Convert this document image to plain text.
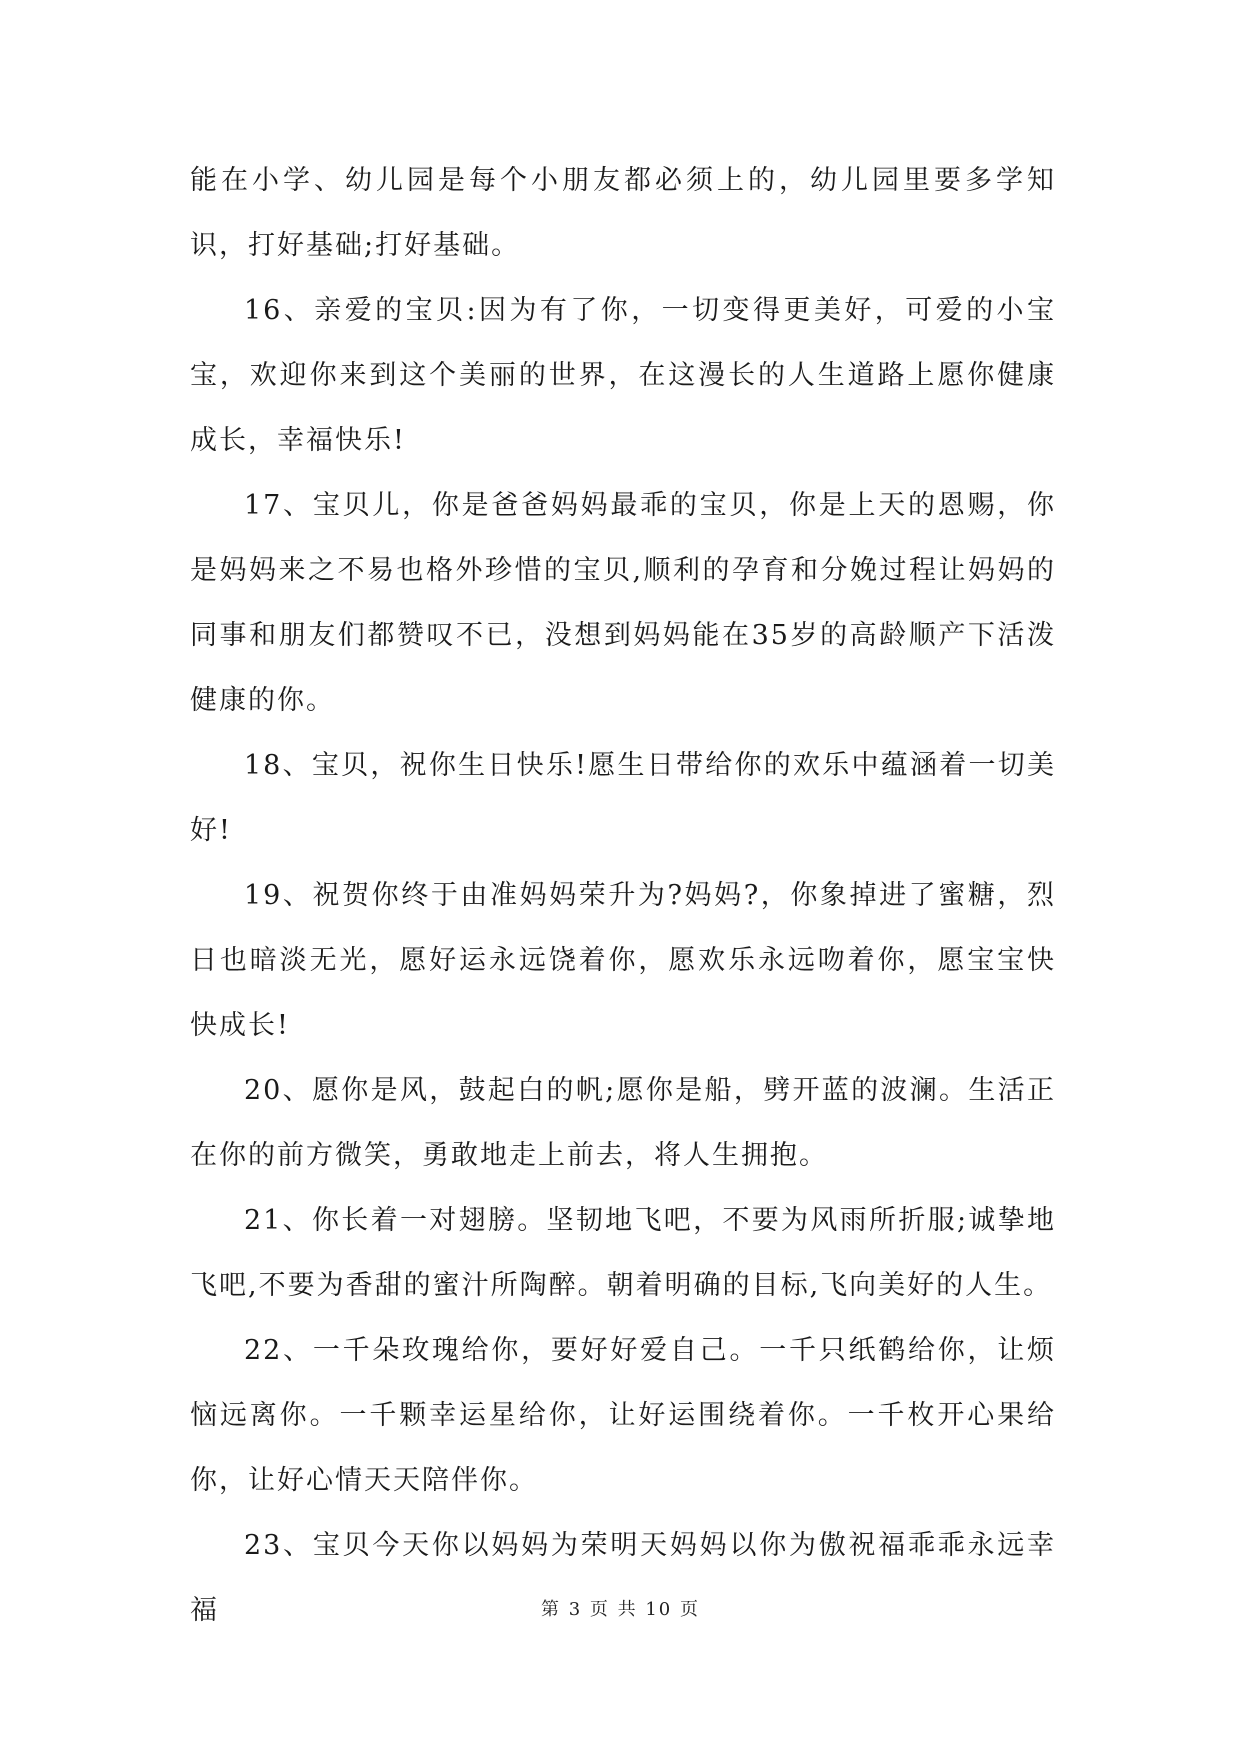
能在小学、幼儿园是每个小朋友都必须上的，幼儿园里要多学知识，打好基础;打好基础。

16、亲爱的宝贝:因为有了你，一切变得更美好，可爱的小宝宝，欢迎你来到这个美丽的世界，在这漫长的人生道路上愿你健康成长，幸福快乐!

17、宝贝儿，你是爸爸妈妈最乖的宝贝，你是上天的恩赐，你是妈妈来之不易也格外珍惜的宝贝,顺利的孕育和分娩过程让妈妈的同事和朋友们都赞叹不已，没想到妈妈能在35岁的高龄顺产下活泼健康的你。

18、宝贝，祝你生日快乐!愿生日带给你的欢乐中蕴涵着一切美好!

19、祝贺你终于由准妈妈荣升为?妈妈?，你象掉进了蜜糖，烈日也暗淡无光，愿好运永远饶着你，愿欢乐永远吻着你，愿宝宝快快成长!

20、愿你是风，鼓起白的帆;愿你是船，劈开蓝的波澜。生活正在你的前方微笑，勇敢地走上前去，将人生拥抱。

21、你长着一对翅膀。坚韧地飞吧，不要为风雨所折服;诚挚地飞吧,不要为香甜的蜜汁所陶醉。朝着明确的目标,飞向美好的人生。

22、一千朵玫瑰给你，要好好爱自己。一千只纸鹤给你，让烦恼远离你。一千颗幸运星给你，让好运围绕着你。一千枚开心果给你，让好心情天天陪伴你。

23、宝贝今天你以妈妈为荣明天妈妈以你为傲祝福乖乖永远幸福	第 3 页 共 10 页
